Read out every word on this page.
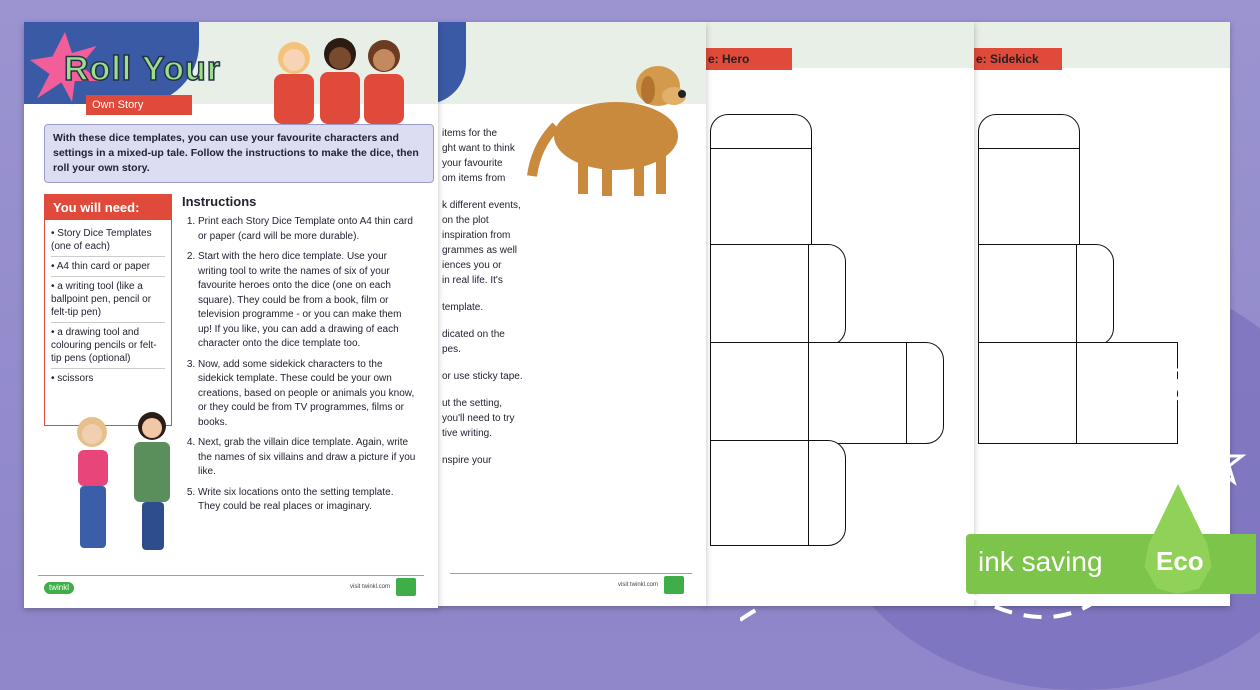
Roll Your
Own Story
With these dice templates, you can use your favourite characters and settings in a mixed-up tale. Follow the instructions to make the dice, then roll your own story.
You will need:
• Story Dice Templates (one of each)
• A4 thin card or paper
• a writing tool (like a ballpoint pen, pencil or felt-tip pen)
• a drawing tool and colouring pencils or felt-tip pens (optional)
• scissors
Instructions
1. Print each Story Dice Template onto A4 thin card or paper (card will be more durable).
2. Start with the hero dice template. Use your writing tool to write the names of six of your favourite heroes onto the dice (one on each square). They could be from a book, film or television programme - or you can make them up! If you like, you can add a drawing of each character onto the dice template too.
3. Now, add some sidekick characters to the sidekick template. These could be your own creations, based on people or animals you know, or they could be from TV programmes, films or books.
4. Next, grab the villain dice template. Again, write the names of six villains and draw a picture if you like.
5. Write six locations onto the setting template. They could be real places or imaginary.
twinkl	visit twinkl.com

items for the
ght want to think
your favourite
om items from

k different events,
on the plot
inspiration from
grammes as well
iences you or
in real life. It's

template.

dicated on the
pes.

or use sticky tape.

ut the setting,
you'll need to try
tive writing.

nspire your

visit twinkl.com
e: Hero	e: Sidekick
ink saving Eco
